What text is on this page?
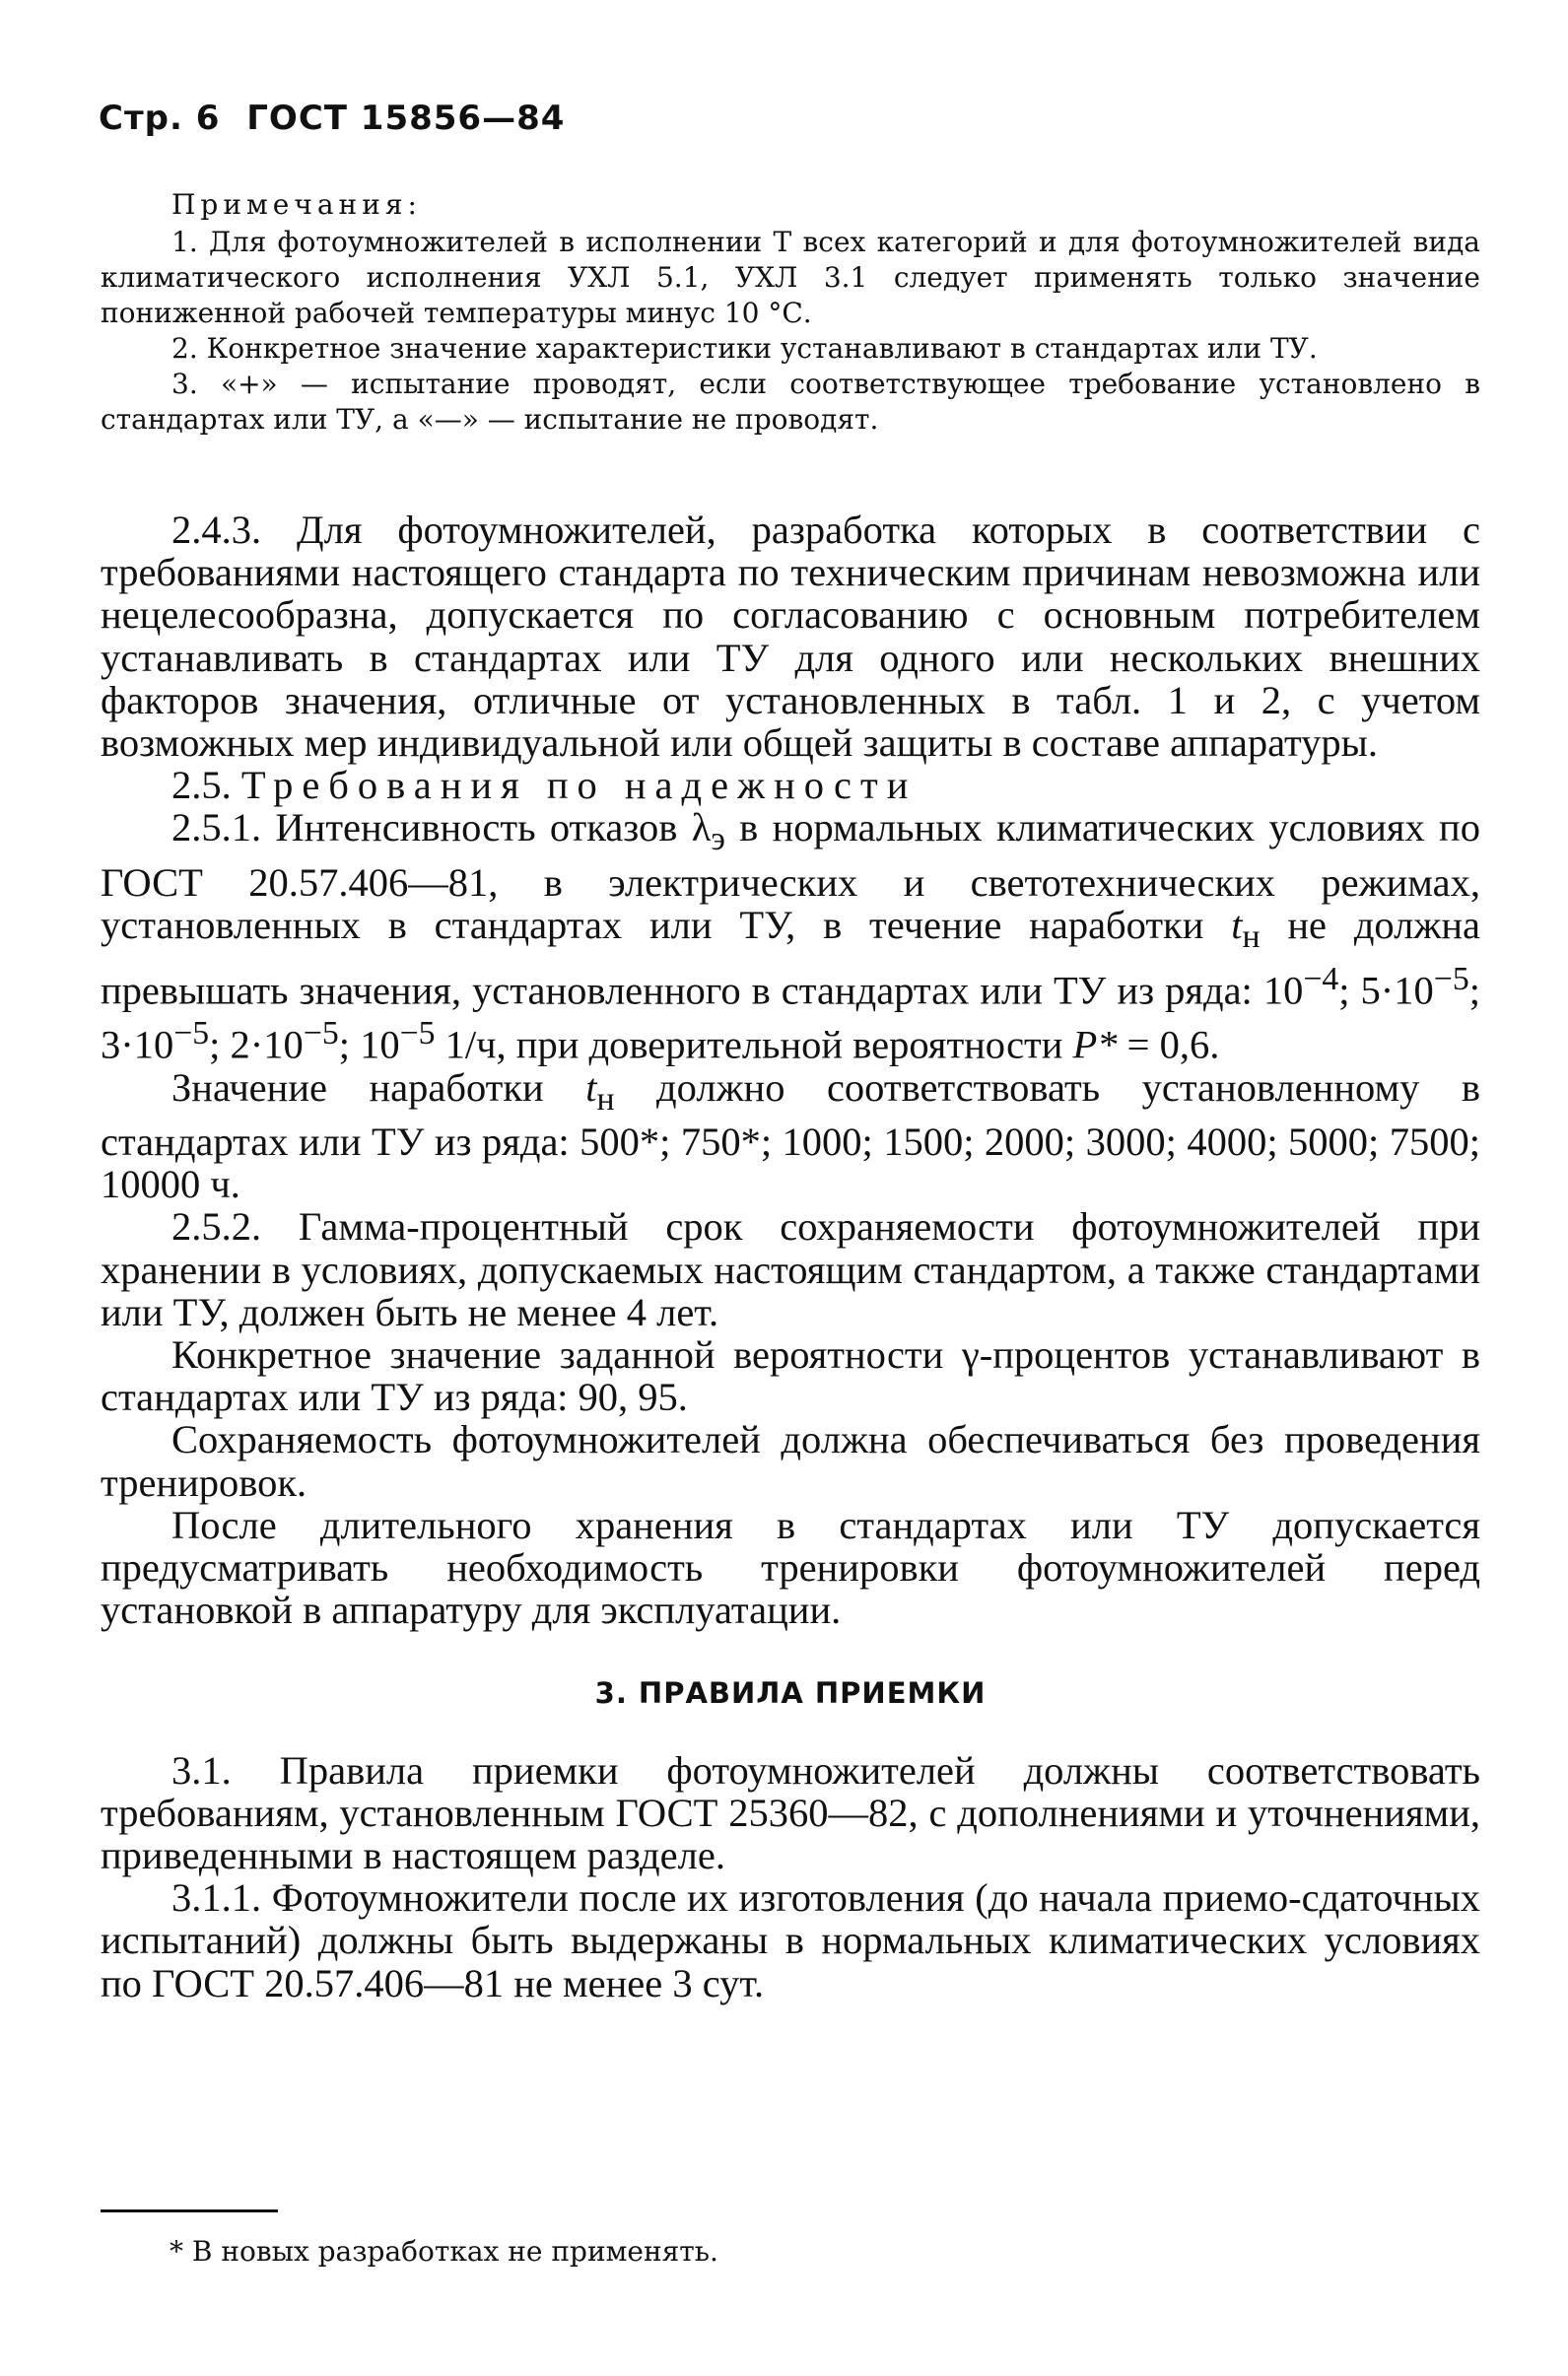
Стр. 6 ГОСТ 15856—84
Примечания:

1. Для фотоумножителей в исполнении Т всех категорий и для фотоумножителей вида климатического исполнения УХЛ 5.1, УХЛ 3.1 следует применять только значение пониженной рабочей температуры минус 10 °С.

2. Конкретное значение характеристики устанавливают в стандартах или ТУ.

3. «+» — испытание проводят, если соответствующее требование установлено в стандартах или ТУ, а «—» — испытание не проводят.

2.4.3. Для фотоумножителей, разработка которых в соответствии с требованиями настоящего стандарта по техническим причинам невозможна или нецелесообразна, допускается по согласованию с основным потребителем устанавливать в стандартах или ТУ для одного или нескольких внешних факторов значения, отличные от установленных в табл. 1 и 2, с учетом возможных мер индивидуальной или общей защиты в составе аппаратуры.

2.5. Требования по надежности

2.5.1. Интенсивность отказов $\lambda_э$ в нормальных климатических условиях по ГОСТ 20.57.406—81, в электрических и светотехнических режимах, установленных в стандартах или ТУ, в течение наработки $t_н$ не должна превышать значения, установленного в стандартах или ТУ из ряда: $10^{-4}$; $5\cdot 10^{-5}$; $3\cdot 10^{-5}$; $2\cdot 10^{-5}$; $10^{-5}$ 1/ч, при доверительной вероятности P* = 0,6.

Значение наработки $t_н$ должно соответствовать установленному в стандартах или ТУ из ряда: 500*; 750*; 1000; 1500; 2000; 3000; 4000; 5000; 7500; 10000 ч.

2.5.2. Гамма-процентный срок сохраняемости фотоумножителей при хранении в условиях, допускаемых настоящим стандартом, а также стандартами или ТУ, должен быть не менее 4 лет.

Конкретное значение заданной вероятности γ-процентов устанавливают в стандартах или ТУ из ряда: 90, 95.

Сохраняемость фотоумножителей должна обеспечиваться без проведения тренировок.

После длительного хранения в стандартах или ТУ допускается предусматривать необходимость тренировки фотоумножителей перед установкой в аппаратуру для эксплуатации.

3. ПРАВИЛА ПРИЕМКИ

3.1. Правила приемки фотоумножителей должны соответствовать требованиям, установленным ГОСТ 25360—82, с дополнениями и уточнениями, приведенными в настоящем разделе.

3.1.1. Фотоумножители после их изготовления (до начала приемо-сдаточных испытаний) должны быть выдержаны в нормальных климатических условиях по ГОСТ 20.57.406—81 не менее 3 сут.

* В новых разработках не применять.
